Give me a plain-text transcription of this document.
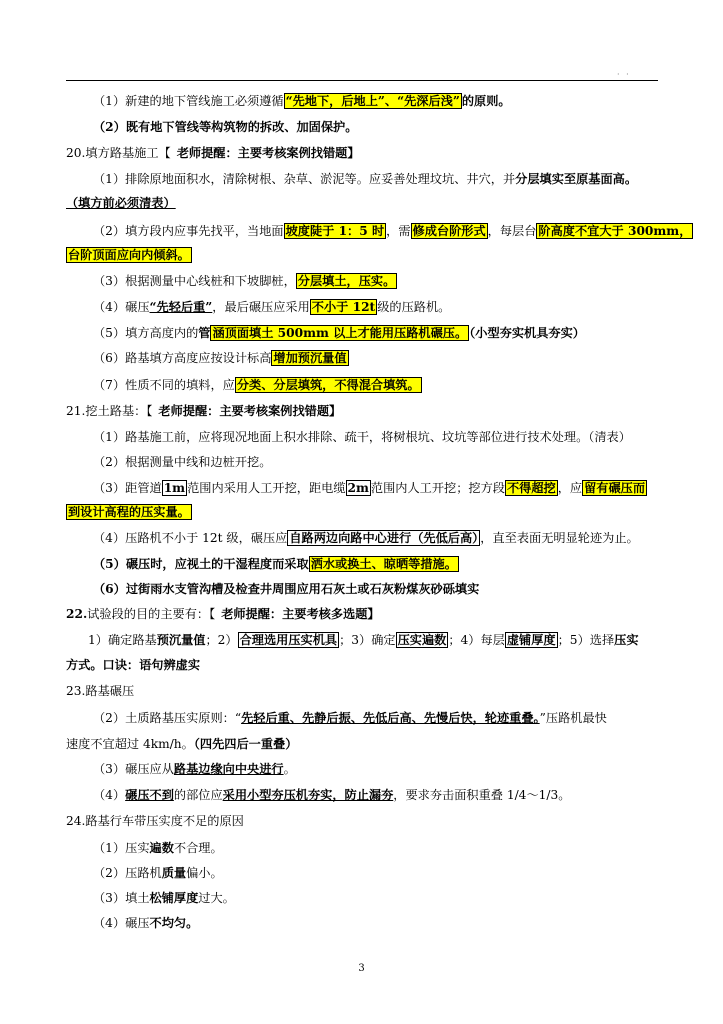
· ·
（1）新建的地下管线施工必须遵循 “先地下，后地上”、“先深后浅” 的原则。
（2）既有地下管线等构筑物的拆改、加固保护。
20.填方路基施工【 老师提醒：主要考核案例找错题】
（1）排除原地面积水，清除树根、杂草、淤泥等。应妥善处理坟坑、井穴，并分层填实至原基面高。
（填方前必须清表）
（2）填方段内应事先找平，当地面 坡度陡于 1：5 时 ，需 修成台阶形式 ，每层台 阶高度不宜大于 300mm，
台阶顶面应向内倾斜。
（3）根据测量中心线桩和下坡脚桩， 分层填土，压实。
（4）碾压“先轻后重”，最后碾压应采用 不小于 12t 级的压路机。
（5）填方高度内的管 涵顶面填土 500mm 以上才能用压路机碾压。 （小型夯实机具夯实）
（6）路基填方高度应按设计标高 增加预沉量值
（7）性质不同的填料，应 分类、分层填筑，不得混合填筑。
21.挖土路基：【 老师提醒：主要考核案例找错题】
（1）路基施工前，应将现况地面上积水排除、疏干，将树根坑、坟坑等部位进行技术处理。（清表）
（2）根据测量中线和边桩开挖。
（3）距管道 1m 范围内采用人工开挖，距电缆 2m 范围内人工开挖；挖方段 不得超挖 ，应 留有碾压而
到设计高程的压实量。
（4）压路机不小于 12t 级，碾压应 自路两边向路中心进行（先低后高） ，直至表面无明显轮迹为止。
（5）碾压时，应视土的干湿程度而采取 洒水或换土、晾晒等措施。
（6）过街雨水支管沟槽及检查井周围应用石灰土或石灰粉煤灰砂砾填实
22.试验段的目的主要有：【 老师提醒：主要考核多选题】
1）确定路基预沉量值；2） 合理选用压实机具 ；3）确定 压实遍数 ；4）每层 虚铺厚度 ；5）选择压实
方式。口诀：语句辨虚实
23.路基碾压
（2）土质路基压实原则：“先轻后重、先静后振、先低后高、先慢后快，轮迹重叠。”压路机最快
速度不宜超过 4km/h。（四先四后一重叠）
（3）碾压应从路基边缘向中央进行。
（4）碾压不到的部位应采用小型夯压机夯实，防止漏夯，要求夯击面积重叠 1/4～1/3。
24.路基行车带压实度不足的原因
（1）压实遍数不合理。
（2）压路机质量偏小。
（3）填土松铺厚度过大。
（4）碾压不均匀。
3
